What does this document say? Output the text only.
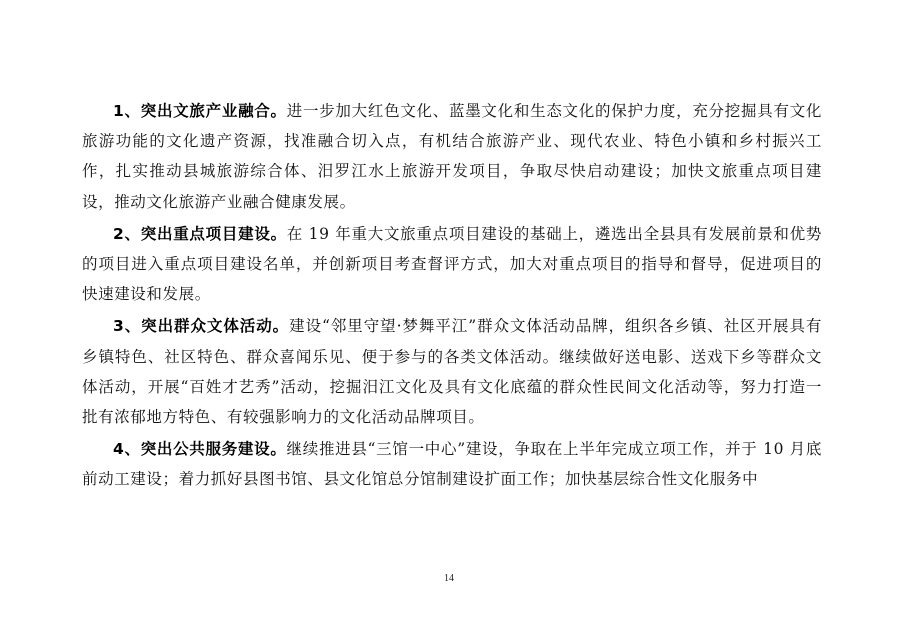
1、突出文旅产业融合。进一步加大红色文化、蓝墨文化和生态文化的保护力度，充分挖掘具有文化旅游功能的文化遗产资源，找准融合切入点，有机结合旅游产业、现代农业、特色小镇和乡村振兴工作，扎实推动县城旅游综合体、汨罗江水上旅游开发项目，争取尽快启动建设；加快文旅重点项目建设，推动文化旅游产业融合健康发展。

2、突出重点项目建设。在 19 年重大文旅重点项目建设的基础上，遴选出全县具有发展前景和优势的项目进入重点项目建设名单，并创新项目考查督评方式，加大对重点项目的指导和督导，促进项目的快速建设和发展。

3、突出群众文体活动。建设“邻里守望·梦舞平江”群众文体活动品牌，组织各乡镇、社区开展具有乡镇特色、社区特色、群众喜闻乐见、便于参与的各类文体活动。继续做好送电影、送戏下乡等群众文体活动，开展“百姓才艺秀”活动，挖掘汨江文化及具有文化底蕴的群众性民间文化活动等，努力打造一批有浓郁地方特色、有较强影响力的文化活动品牌项目。

4、突出公共服务建设。继续推进县“三馆一中心”建设，争取在上半年完成立项工作，并于 10 月底前动工建设；着力抓好县图书馆、县文化馆总分馆制建设扩面工作；加快基层综合性文化服务中

14
